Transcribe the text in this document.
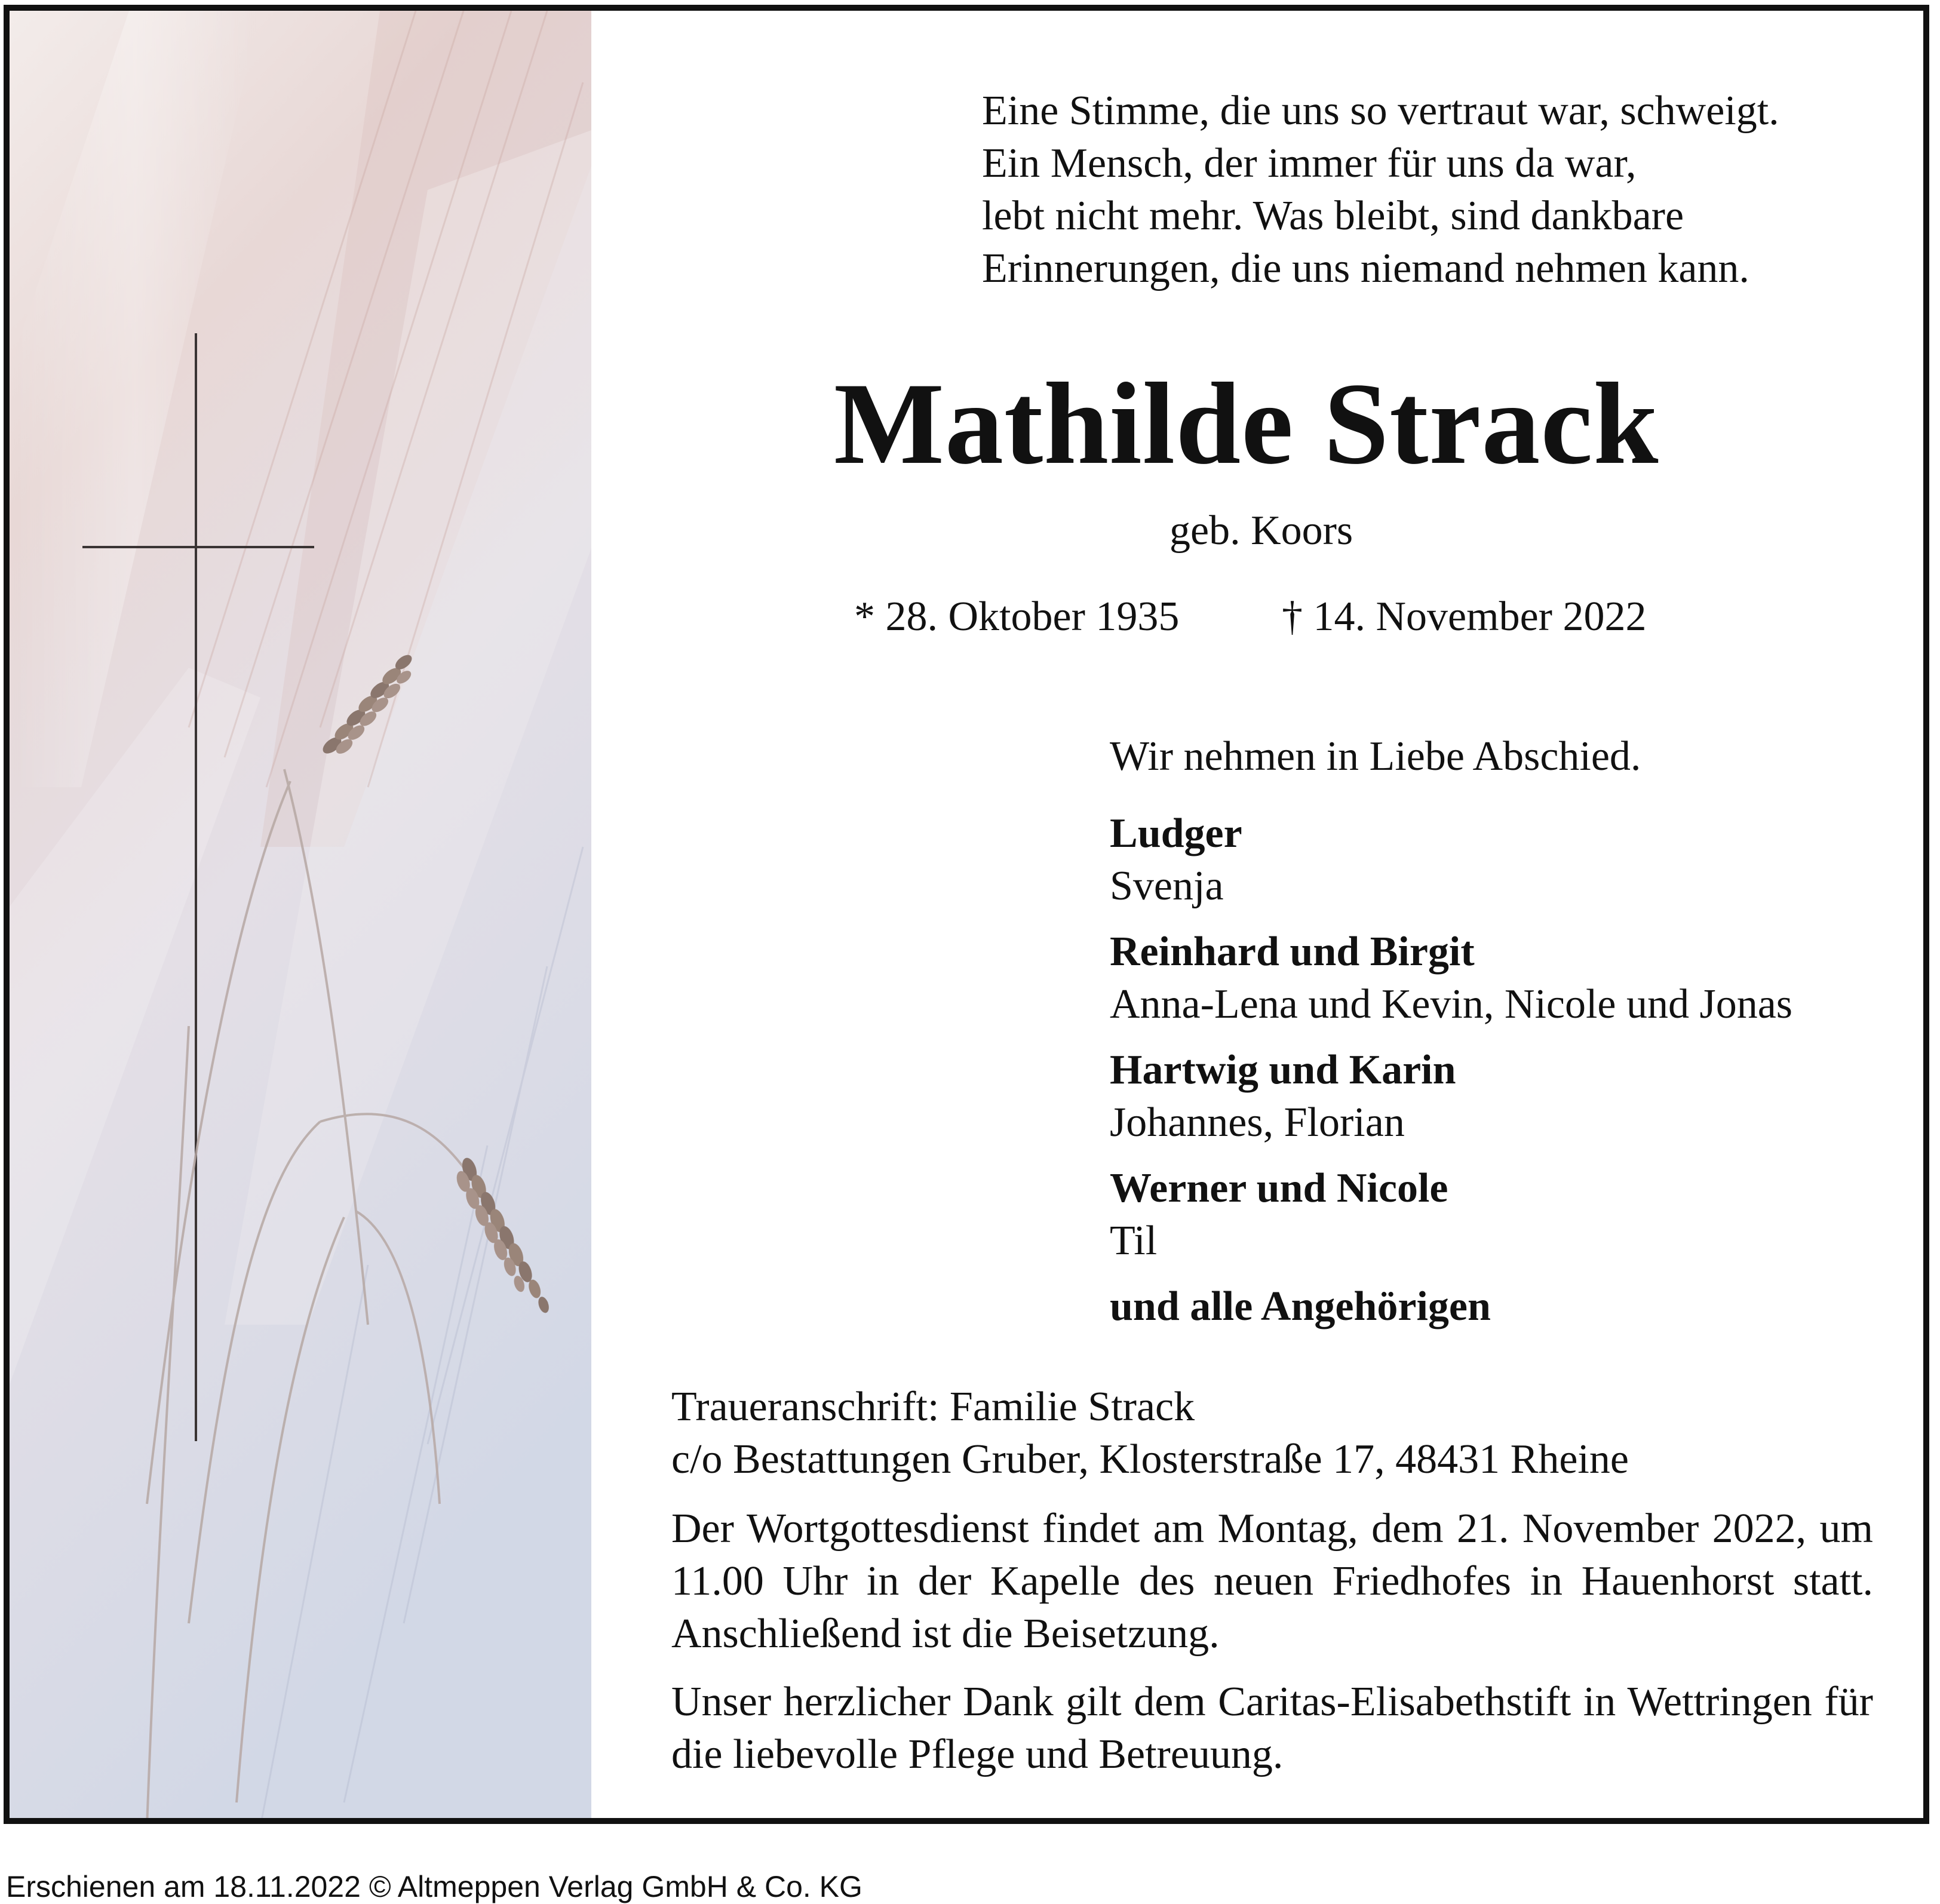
Eine Stimme, die uns so vertraut war, schweigt.
Ein Mensch, der immer für uns da war,
lebt nicht mehr. Was bleibt, sind dankbare
Erinnerungen, die uns niemand nehmen kann.
Mathilde Strack
geb. Koors
* 28. Oktober 1935 † 14. November 2022
Wir nehmen in Liebe Abschied.
Ludger
Svenja
Reinhard und Birgit
Anna-Lena und Kevin, Nicole und Jonas
Hartwig und Karin
Johannes, Florian
Werner und Nicole
Til
und alle Angehörigen
Traueranschrift: Familie Strack
c/o Bestattungen Gruber, Klosterstraße 17, 48431 Rheine
Der Wortgottesdienst findet am Montag, dem 21. November 2022, um 11.00 Uhr in der Kapelle des neuen Friedhofes in Hauenhorst statt. Anschließend ist die Beisetzung.
Unser herzlicher Dank gilt dem Caritas-Elisabethstift in Wettringen für die liebevolle Pflege und Betreuung.
Erschienen am 18.11.2022 © Altmeppen Verlag GmbH & Co. KG
